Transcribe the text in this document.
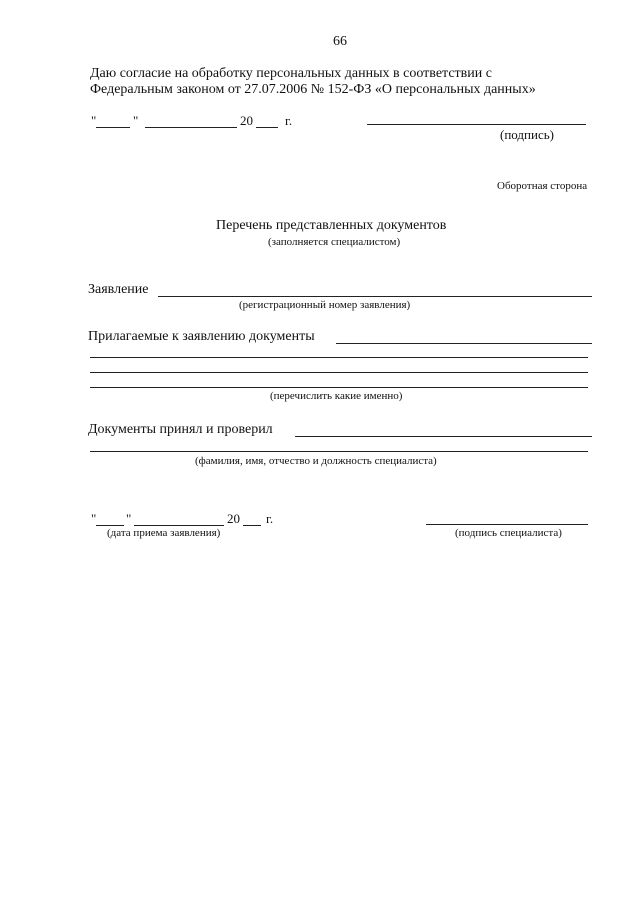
66
Даю согласие на обработку персональных данных в соответствии с
Федеральным законом от 27.07.2006 № 152-ФЗ «О персональных данных»
"	"	20 г.
(подпись)
Оборотная сторона
Перечень представленных документов
(заполняется специалистом)
Заявление
(регистрационный номер заявления)
Прилагаемые к заявлению документы
(перечислить какие именно)
Документы принял и проверил
(фамилия, имя, отчество и должность специалиста)
" "	20 г.
(дата приема заявления)	(подпись специалиста)
